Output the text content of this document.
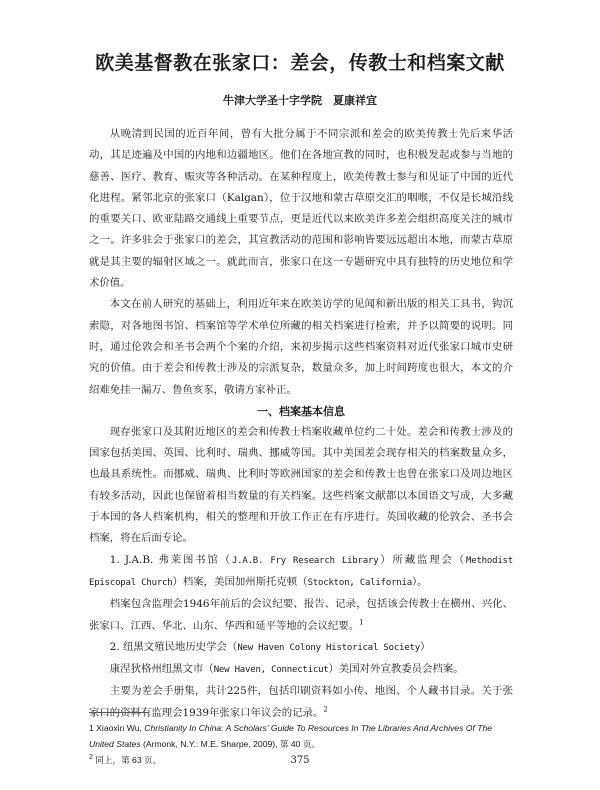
欧美基督教在张家口：差会，传教士和档案文献
牛津大学圣十字学院　夏康祥宜

从晚清到民国的近百年间，曾有大批分属于不同宗派和差会的欧美传教士先后来华活动，其足迹遍及中国的内地和边疆地区。他们在各地宣教的同时，也积极发起或参与当地的慈善、医疗、教育、赈灾等各种活动。在某种程度上，欧美传教士参与和见证了中国的近代化进程。紧邻北京的张家口（Kalgan），位于汉地和蒙古草原交汇的咽喉，不仅是长城沿线的重要关口、欧亚陆路交通线上重要节点，更是近代以来欧美许多差会组织高度关注的城市之一。许多驻会于张家口的差会，其宣教活动的范围和影响皆要远远超出本地，而蒙古草原就是其主要的辐射区域之一。就此而言，张家口在这一专题研究中具有独特的历史地位和学术价值。

本文在前人研究的基础上，利用近年来在欧美访学的见闻和新出版的相关工具书，钩沉索隐，对各地图书馆、档案馆等学术单位所藏的相关档案进行检索，并予以简要的说明。同时，通过伦敦会和圣书会两个个案的介绍，来初步揭示这些档案资料对近代张家口城市史研究的价值。由于差会和传教士涉及的宗派复杂，数量众多，加上时间跨度也很大，本文的介绍难免挂一漏万、鲁鱼亥豕，敬请方家补正。

一、档案基本信息

现存张家口及其附近地区的差会和传教士档案收藏单位约二十处。差会和传教士涉及的国家包括美国、英国、比利时、瑞典、挪威等国。其中美国差会现存相关的档案数量众多，也最具系统性。而挪威、瑞典、比利时等欧洲国家的差会和传教士也曾在张家口及周边地区有较多活动，因此也保留着相当数量的有关档案。这些档案文献都以本国语文写成，大多藏于本国的各人档案机构，相关的整理和开放工作正在有序进行。英国收藏的伦敦会、圣书会档案，将在后面专论。

1. J.A.B. 弗莱图书馆（J.A.B. Fry Research Library）所藏监理会（Methodist Episcopal Church）档案，美国加州斯托克顿（Stockton, California）。

档案包含监理会1946年前后的会议纪要、报告、记录，包括该会传教士在横州、兴化、张家口、江西、华北、山东、华西和延平等地的会议纪要。$^1$

2. 纽黑文殖民地历史学会（New Haven Colony Historical Society）

康涅狄格州纽黑文市（New Haven, Connecticut）美国对外宣教委员会档案。

主要为差会手册集，共计225件，包括印刷资料如小传、地图、个人藏书目录。关于张家口的资料有监理会1939年张家口年议会的记录。$^2$

1 Xiaoxin Wu, Christianity In China: A Scholars' Guide To Resources In The Libraries And Archives Of The United States (Armonk, N.Y.: M.E. Sharpe, 2009), 第 40 页。
$^2$ 同上，第 63 页。	375
